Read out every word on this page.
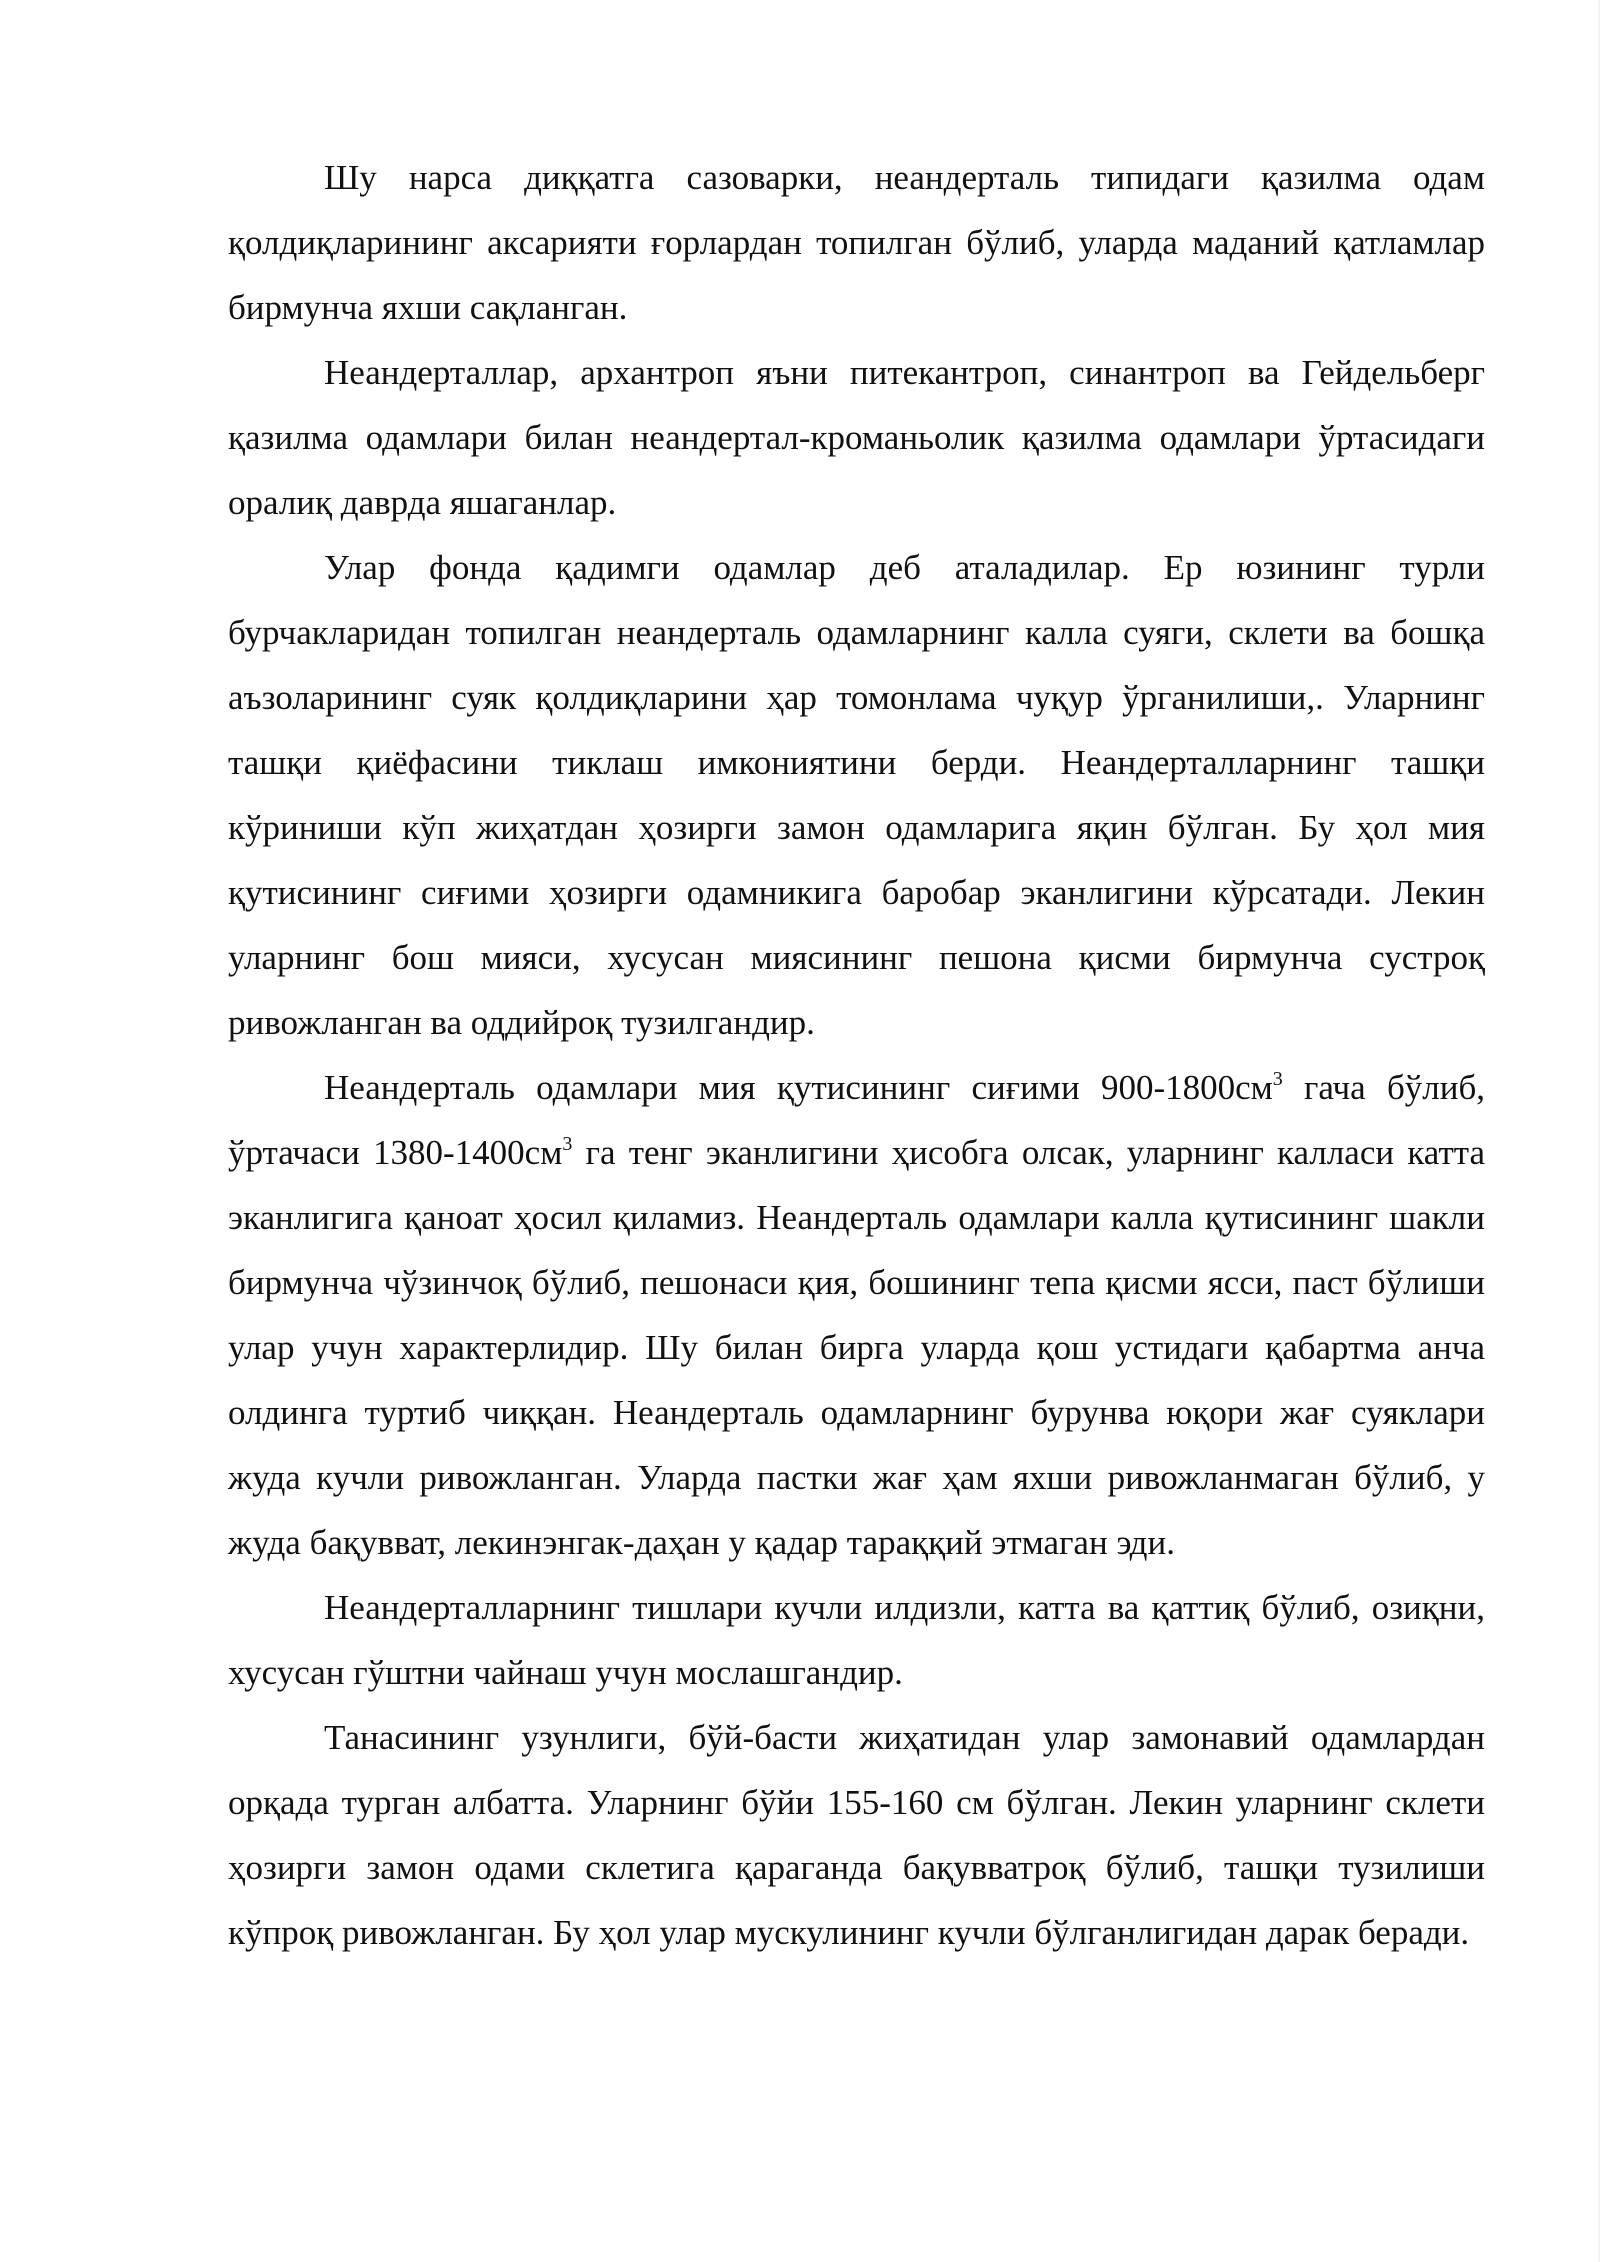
Шу нарса диққатга сазоварки, неандерталь типидаги қазилма одам қолдиқларининг аксарияти ғорлардан топилган бўлиб, уларда маданий қатламлар бирмунча яхши сақланган.

Неандерталлар, архантроп яъни питекантроп, синантроп ва Гейдельберг қазилма одамлари билан неандертал-кроманьолик қазилма одамлари ўртасидаги оралиқ даврда яшаганлар.

Улар фонда қадимги одамлар деб аталадилар. Ер юзининг турли бурчакларидан топилган неандерталь одамларнинг калла суяги, склети ва бошқа аъзоларининг суяк қолдиқларини ҳар томонлама чуқур ўрганилиши,. Уларнинг ташқи қиёфасини тиклаш имкониятини берди. Неандерталларнинг ташқи кўриниши кўп жиҳатдан ҳозирги замон одамларига яқин бўлган. Бу ҳол мия қутисининг сиғими ҳозирги одамникига баробар эканлигини кўрсатади. Лекин уларнинг бош мияси, хусусан миясининг пешона қисми бирмунча сустроқ ривожланган ва оддийроқ тузилгандир.

Неандерталь одамлари мия қутисининг сиғими $900-1800см^3$ гача бўлиб, ўртачаси $1380-1400см^3$ га тенг эканлигини ҳисобга олсак, уларнинг калласи катта эканлигига қаноат ҳосил қиламиз. Неандерталь одамлари калла қутисининг шакли бирмунча чўзинчоқ бўлиб, пешонаси қия, бошининг тепа қисми ясси, паст бўлиши улар учун характерлидир. Шу билан бирга уларда қош устидаги қабартма анча олдинга туртиб чиққан. Неандерталь одамларнинг бурунва юқори жағ суяклари жуда кучли ривожланган. Уларда пастки жағ ҳам яхши ривожланмаган бўлиб, у жуда бақувват, лекинэнгак-даҳан у қадар тараққий этмаган эди.

Неандерталларнинг тишлари кучли илдизли, катта ва қаттиқ бўлиб, озиқни, хусусан гўштни чайнаш учун мослашгандир.

Танасининг узунлиги, бўй-басти жиҳатидан улар замонавий одамлардан орқада турган албатта. Уларнинг бўйи 155-160 см бўлган. Лекин уларнинг склети ҳозирги замон одами склетига қараганда бақувватроқ бўлиб, ташқи тузилиши кўпроқ ривожланган. Бу ҳол улар мускулининг кучли бўлганлигидан дарак беради.
